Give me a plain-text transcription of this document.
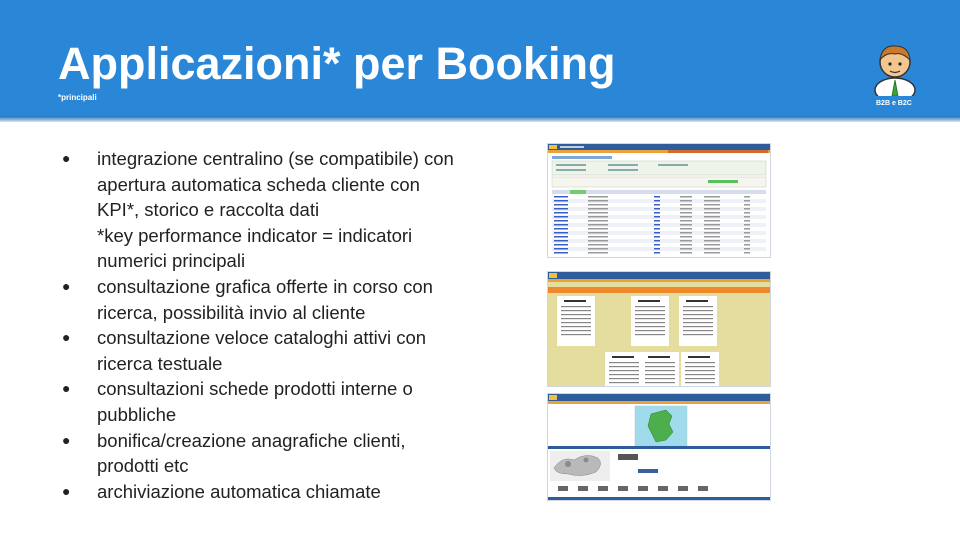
Applicazioni* per Booking
*principali
B2B e B2C
● integrazione centralino (se compatibile) con
apertura automatica scheda cliente con
KPI*, storico e raccolta dati
*key performance indicator = indicatori
numerici principali
● consultazione grafica offerte in corso con
ricerca, possibilità invio al cliente
● consultazione veloce cataloghi attivi con
ricerca testuale
● consultazioni schede prodotti interne o
pubbliche
● bonifica/creazione anagrafiche clienti,
prodotti etc
● archiviazione automatica chiamate
